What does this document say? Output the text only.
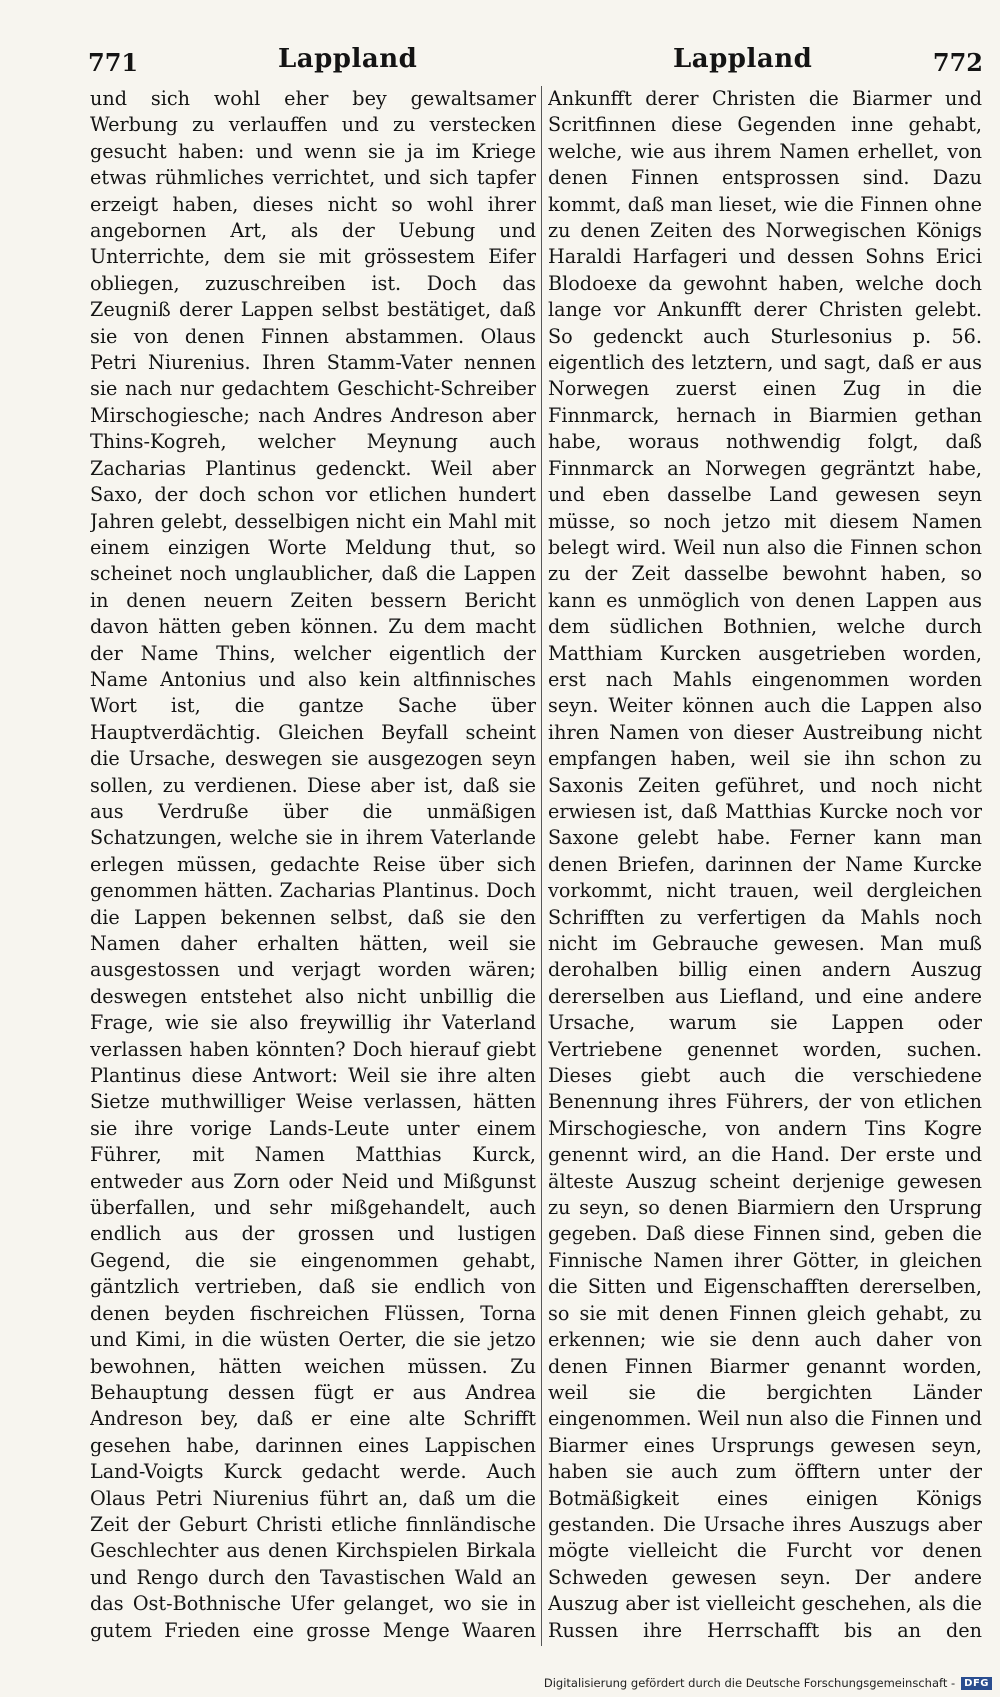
771	Lappland	Lappland	772

und sich wohl eher bey gewaltsamer Werbung zu verlauffen und zu verstecken gesucht haben: und wenn sie ja im Kriege etwas rühmliches verrichtet, und sich tapfer erzeigt haben, dieses nicht so wohl ihrer angebornen Art, als der Uebung und Unterrichte, dem sie mit grössestem Eifer obliegen, zuzuschreiben ist. Doch das Zeugniß derer Lappen selbst bestätiget, daß sie von denen Finnen abstammen. Olaus Petri Niurenius. Ihren Stamm-Vater nennen sie nach nur gedachtem Geschicht-Schreiber Mirschogiesche; nach Andres Andreson aber Thins-Kogreh, welcher Meynung auch Zacharias Plantinus gedenckt. Weil aber Saxo, der doch schon vor etlichen hundert Jahren gelebt, desselbigen nicht ein Mahl mit einem einzigen Worte Meldung thut, so scheinet noch unglaublicher, daß die Lappen in denen neuern Zeiten bessern Bericht davon hätten geben können. Zu dem macht der Name Thins, welcher eigentlich der Name Antonius und also kein altfinnisches Wort ist, die gantze Sache über Hauptverdächtig. Gleichen Beyfall scheint die Ursache, deswegen sie ausgezogen seyn sollen, zu verdienen. Diese aber ist, daß sie aus Verdruße über die unmäßigen Schatzungen, welche sie in ihrem Vaterlande erlegen müssen, gedachte Reise über sich genommen hätten. Zacharias Plantinus. Doch die Lappen bekennen selbst, daß sie den Namen daher erhalten hätten, weil sie ausgestossen und verjagt worden wären; deswegen entstehet also nicht unbillig die Frage, wie sie also freywillig ihr Vaterland verlassen haben könnten? Doch hierauf giebt Plantinus diese Antwort: Weil sie ihre alten Sietze muthwilliger Weise verlassen, hätten sie ihre vorige Lands-Leute unter einem Führer, mit Namen Matthias Kurck, entweder aus Zorn oder Neid und Mißgunst überfallen, und sehr mißgehandelt, auch endlich aus der grossen und lustigen Gegend, die sie eingenommen gehabt, gäntzlich vertrieben, daß sie endlich von denen beyden fischreichen Flüssen, Torna und Kimi, in die wüsten Oerter, die sie jetzo bewohnen, hätten weichen müssen. Zu Behauptung dessen fügt er aus Andrea Andreson bey, daß er eine alte Schrifft gesehen habe, darinnen eines Lappischen Land-Voigts Kurck gedacht werde. Auch Olaus Petri Niurenius führt an, daß um die Zeit der Geburt Christi etliche finnländische Geschlechter aus denen Kirchspielen Birkala und Rengo durch den Tavastischen Wald an das Ost-Bothnische Ufer gelanget, wo sie in gutem Frieden eine grosse Menge Waaren

Ankunfft derer Christen die Biarmer und Scritfinnen diese Gegenden inne gehabt, welche, wie aus ihrem Namen erhellet, von denen Finnen entsprossen sind. Dazu kommt, daß man lieset, wie die Finnen ohne zu denen Zeiten des Norwegischen Königs Haraldi Harfageri und dessen Sohns Erici Blodoexe da gewohnt haben, welche doch lange vor Ankunfft derer Christen gelebt. So gedenckt auch Sturlesonius p. 56. eigentlich des letztern, und sagt, daß er aus Norwegen zuerst einen Zug in die Finnmarck, hernach in Biarmien gethan habe, woraus nothwendig folgt, daß Finnmarck an Norwegen gegräntzt habe, und eben dasselbe Land gewesen seyn müsse, so noch jetzo mit diesem Namen belegt wird. Weil nun also die Finnen schon zu der Zeit dasselbe bewohnt haben, so kann es unmöglich von denen Lappen aus dem südlichen Bothnien, welche durch Matthiam Kurcken ausgetrieben worden, erst nach Mahls eingenommen worden seyn. Weiter können auch die Lappen also ihren Namen von dieser Austreibung nicht empfangen haben, weil sie ihn schon zu Saxonis Zeiten geführet, und noch nicht erwiesen ist, daß Matthias Kurcke noch vor Saxone gelebt habe. Ferner kann man denen Briefen, darinnen der Name Kurcke vorkommt, nicht trauen, weil dergleichen Schrifften zu verfertigen da Mahls noch nicht im Gebrauche gewesen. Man muß derohalben billig einen andern Auszug dererselben aus Liefland, und eine andere Ursache, warum sie Lappen oder Vertriebene genennet worden, suchen. Dieses giebt auch die verschiedene Benennung ihres Führers, der von etlichen Mirschogiesche, von andern Tins Kogre genennt wird, an die Hand. Der erste und älteste Auszug scheint derjenige gewesen zu seyn, so denen Biarmiern den Ursprung gegeben. Daß diese Finnen sind, geben die Finnische Namen ihrer Götter, in gleichen die Sitten und Eigenschafften dererselben, so sie mit denen Finnen gleich gehabt, zu erkennen; wie sie denn auch daher von denen Finnen Biarmer genannt worden, weil sie die bergichten Länder eingenommen. Weil nun also die Finnen und Biarmer eines Ursprungs gewesen seyn, haben sie auch zum öfftern unter der Botmäßigkeit eines einigen Königs gestanden. Die Ursache ihres Auszugs aber mögte vielleicht die Furcht vor denen Schweden gewesen seyn. Der andere Auszug aber ist vielleicht geschehen, als die Russen ihre Herrschafft bis an den

Digitalisierung gefördert durch die Deutsche Forschungsgemeinschaft - DFG
